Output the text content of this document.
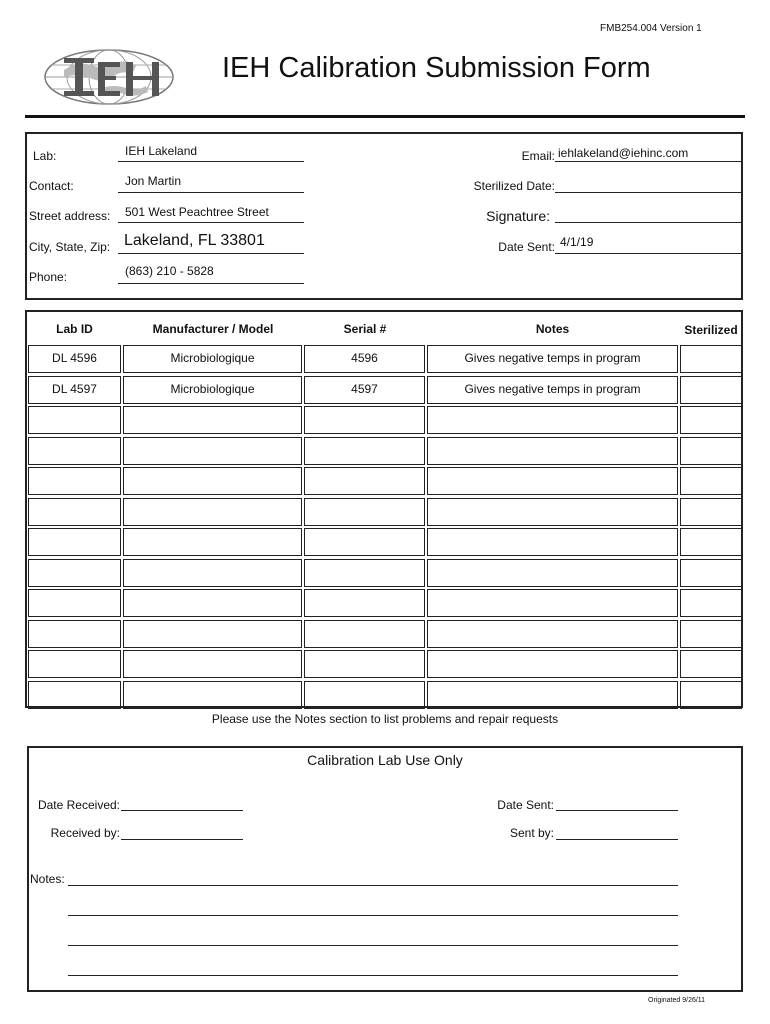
FMB254.004 Version 1
IEH Calibration Submission Form
Lab:	IEH Lakeland
Contact:	Jon Martin
Street address: 501 West Peachtree Street
City, State, Zip: Lakeland, FL 33801
Phone:	(863) 210 - 5828
Email: iehlakeland@iehinc.com
Sterilized Date:
Signature:
Date Sent: 4/1/19
Lab ID	Manufacturer / Model	Serial #	Notes	Sterilized
DL 4596	Microbiologique	4596	Gives negative temps in program
DL 4597	Microbiologique	4597	Gives negative temps in program
Please use the Notes section to list problems and repair requests
Calibration Lab Use Only
Date Received:
Received by:
Date Sent:
Sent by:
Notes:
Originated 9/26/11
